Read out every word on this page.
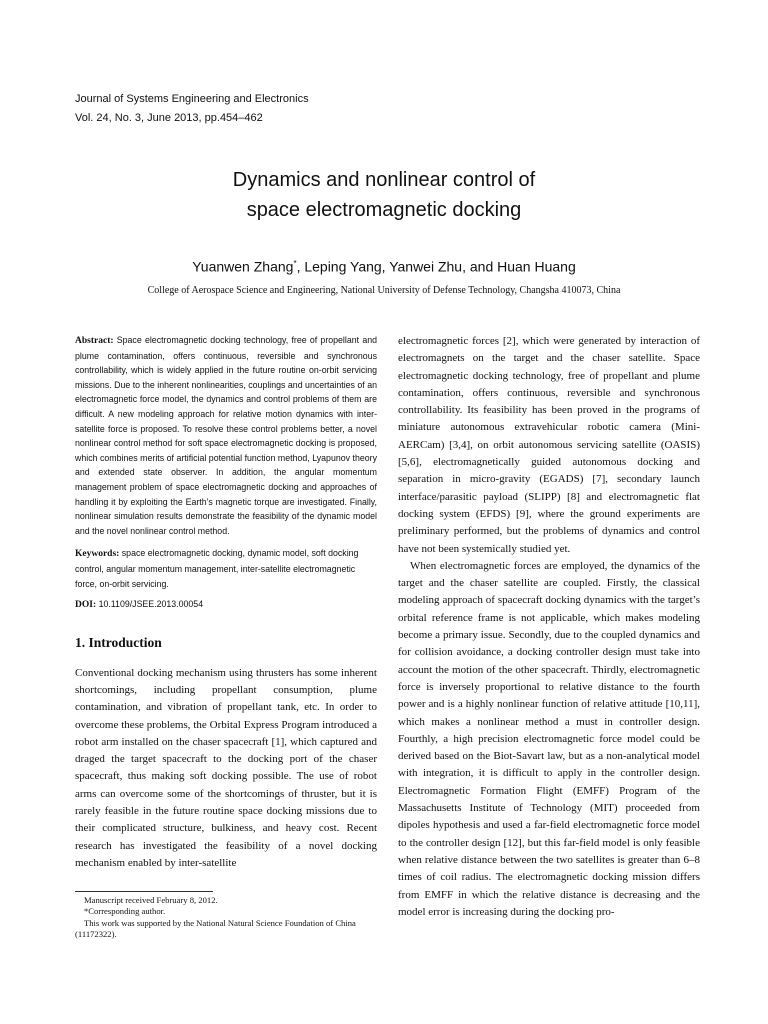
Journal of Systems Engineering and Electronics
Vol. 24, No. 3, June 2013, pp.454–462
Dynamics and nonlinear control of
space electromagnetic docking
Yuanwen Zhang*, Leping Yang, Yanwei Zhu, and Huan Huang
College of Aerospace Science and Engineering, National University of Defense Technology, Changsha 410073, China

Abstract: Space electromagnetic docking technology, free of propellant and plume contamination, offers continuous, reversible and synchronous controllability, which is widely applied in the future routine on-orbit servicing missions. Due to the inherent nonlinearities, couplings and uncertainties of an electromagnetic force model, the dynamics and control problems of them are difficult. A new modeling approach for relative motion dynamics with inter-satellite force is proposed. To resolve these control problems better, a novel nonlinear control method for soft space electromagnetic docking is proposed, which combines merits of artificial potential function method, Lyapunov theory and extended state observer. In addition, the angular momentum management problem of space electromagnetic docking and approaches of handling it by exploiting the Earth’s magnetic torque are investigated. Finally, nonlinear simulation results demonstrate the feasibility of the dynamic model and the novel nonlinear control method.

Keywords: space electromagnetic docking, dynamic model, soft docking control, angular momentum management, inter-satellite electromagnetic force, on-orbit servicing.

DOI: 10.1109/JSEE.2013.00054

1. Introduction

Conventional docking mechanism using thrusters has some inherent shortcomings, including propellant consumption, plume contamination, and vibration of propellant tank, etc. In order to overcome these problems, the Orbital Express Program introduced a robot arm installed on the chaser spacecraft [1], which captured and draged the target spacecraft to the docking port of the chaser spacecraft, thus making soft docking possible. The use of robot arms can overcome some of the shortcomings of thruster, but it is rarely feasible in the future routine space docking missions due to their complicated structure, bulkiness, and heavy cost. Recent research has investigated the feasibility of a novel docking mechanism enabled by inter-satellite

electromagnetic forces [2], which were generated by interaction of electromagnets on the target and the chaser satellite. Space electromagnetic docking technology, free of propellant and plume contamination, offers continuous, reversible and synchronous controllability. Its feasibility has been proved in the programs of miniature autonomous extravehicular robotic camera (Mini-AERCam) [3,4], on orbit autonomous servicing satellite (OASIS) [5,6], electromagnetically guided autonomous docking and separation in micro-gravity (EGADS) [7], secondary launch interface/parasitic payload (SLIPP) [8] and electromagnetic flat docking system (EFDS) [9], where the ground experiments are preliminary performed, but the problems of dynamics and control have not been systemically studied yet.

When electromagnetic forces are employed, the dynamics of the target and the chaser satellite are coupled. Firstly, the classical modeling approach of spacecraft docking dynamics with the target’s orbital reference frame is not applicable, which makes modeling become a primary issue. Secondly, due to the coupled dynamics and for collision avoidance, a docking controller design must take into account the motion of the other spacecraft. Thirdly, electromagnetic force is inversely proportional to relative distance to the fourth power and is a highly nonlinear function of relative attitude [10,11], which makes a nonlinear method a must in controller design. Fourthly, a high precision electromagnetic force model could be derived based on the Biot-Savart law, but as a non-analytical model with integration, it is difficult to apply in the controller design. Electromagnetic Formation Flight (EMFF) Program of the Massachusetts Institute of Technology (MIT) proceeded from dipoles hypothesis and used a far-field electromagnetic force model to the controller design [12], but this far-field model is only feasible when relative distance between the two satellites is greater than 6–8 times of coil radius. The electromagnetic docking mission differs from EMFF in which the relative distance is decreasing and the model error is increasing during the docking pro-

Manuscript received February 8, 2012.
*Corresponding author.
This work was supported by the National Natural Science Foundation of China (11172322).
